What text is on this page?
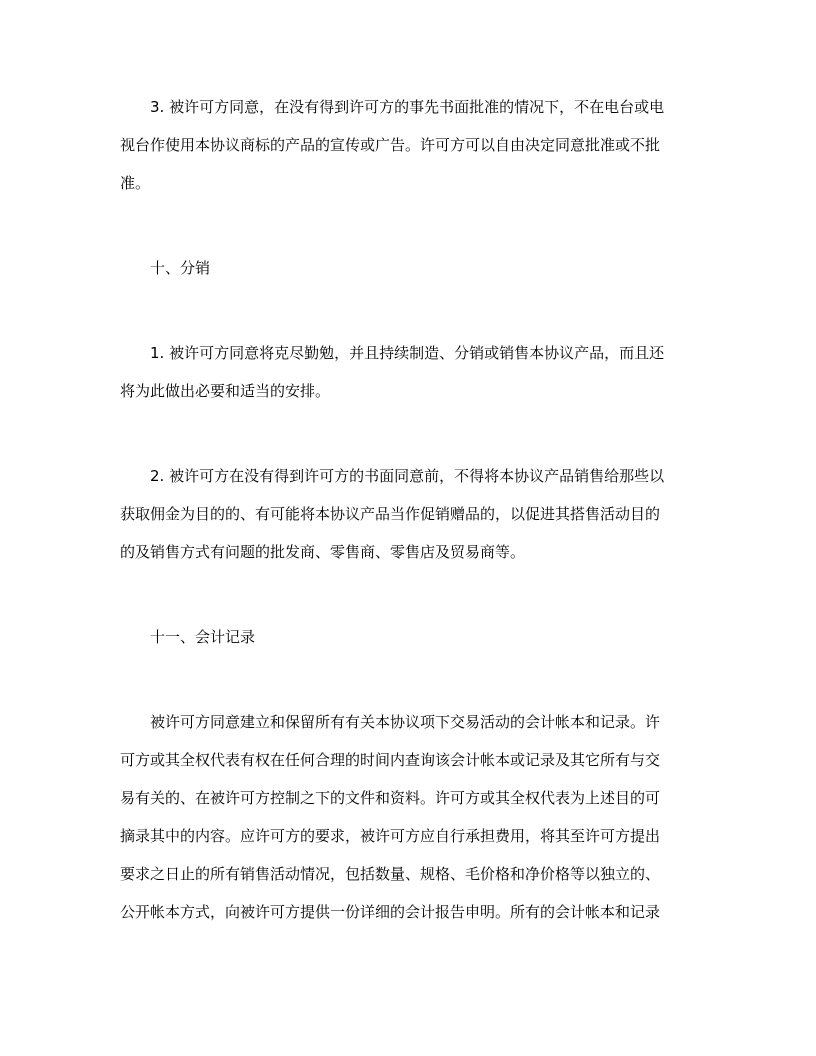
3. 被许可方同意，在没有得到许可方的事先书面批准的情况下，不在电台或电
视台作使用本协议商标的产品的宣传或广告。许可方可以自由决定同意批准或不批
准。
十、分销
1. 被许可方同意将克尽勤勉，并且持续制造、分销或销售本协议产品，而且还
将为此做出必要和适当的安排。
2. 被许可方在没有得到许可方的书面同意前，不得将本协议产品销售给那些以
获取佣金为目的的、有可能将本协议产品当作促销赠品的，以促进其搭售活动目的
的及销售方式有问题的批发商、零售商、零售店及贸易商等。
十一、会计记录
被许可方同意建立和保留所有有关本协议项下交易活动的会计帐本和记录。许
可方或其全权代表有权在任何合理的时间内查询该会计帐本或记录及其它所有与交
易有关的、在被许可方控制之下的文件和资料。许可方或其全权代表为上述目的可
摘录其中的内容。应许可方的要求，被许可方应自行承担费用，将其至许可方提出
要求之日止的所有销售活动情况，包括数量、规格、毛价格和净价格等以独立的、
公开帐本方式，向被许可方提供一份详细的会计报告申明。所有的会计帐本和记录
